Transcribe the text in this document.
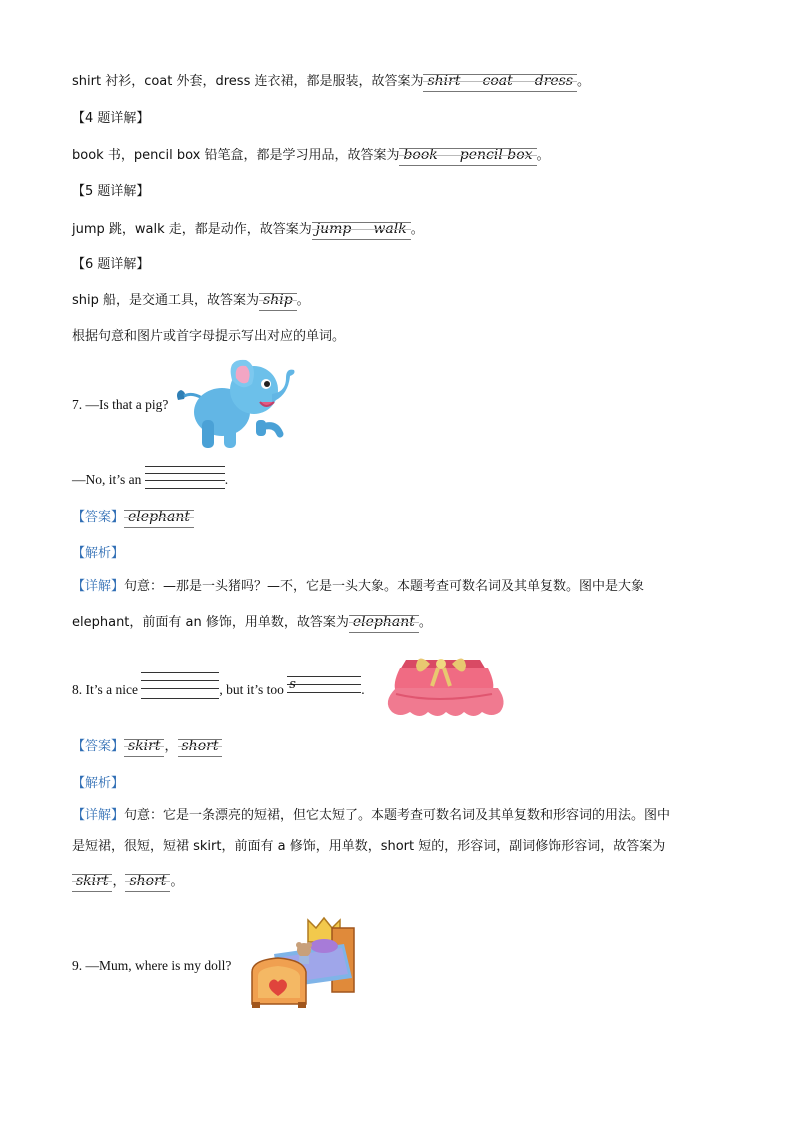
shirt 衬衫，coat 外套，dress 连衣裙，都是服装，故答案为 shirt coat dress 。
【4 题详解】
book 书，pencil box 铅笔盒，都是学习用品，故答案为 book pencil box 。
【5 题详解】
jump 跳，walk 走，都是动作，故答案为 jump walk 。
【6 题详解】
ship 船，是交通工具，故答案为 ship 。
根据句意和图片或首字母提示写出对应的单词。
7. —Is that a pig?
—No, it’s an	.
【答案】 elephant
【解析】
【详解】句意：—那是一头猪吗？—不，它是一头大象。本题考查可数名词及其单复数。图中是大象
elephant，前面有 an 修饰，用单数，故答案为 elephant 。
8. It’s a nice	, but it’s too s	.
【答案】 skirt ， short
【解析】
【详解】句意：它是一条漂亮的短裙，但它太短了。本题考查可数名词及其单复数和形容词的用法。图中
是短裙，很短，短裙 skirt，前面有 a 修饰，用单数，short 短的，形容词，副词修饰形容词，故答案为
skirt ， short 。
9. —Mum, where is my doll?
